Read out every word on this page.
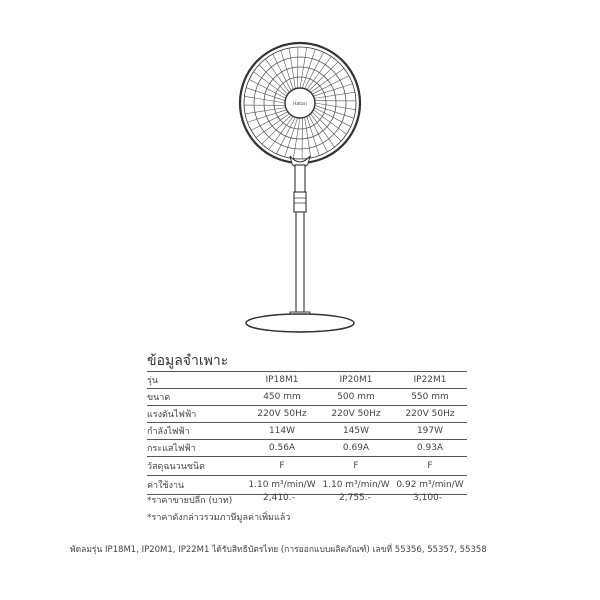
Hatari
ข้อมูลจำเพาะ
รุ่น	IP18M1	IP20M1	IP22M1
ขนาด	450 mm	500 mm	550 mm
แรงดันไฟฟ้า	220V 50Hz	220V 50Hz	220V 50Hz
กำลังไฟฟ้า	114W	145W	197W
กระแสไฟฟ้า	0.56A	0.69A	0.93A
วัสดุฉนวนชนิด	F	F	F
ค่าใช้งาน	1.10 m³/min/W	1.10 m³/min/W	0.92 m³/min/W
*ราคาขายปลีก (บาท)	2,410.-	2,755.-	3,100-
*ราคาดังกล่าวรวมภาษีมูลค่าเพิ่มแล้ว
พัดลมรุ่น IP18M1, IP20M1, IP22M1 ได้รับสิทธิบัตรไทย (การออกแบบผลิตภัณฑ์) เลขที่ 55356, 55357, 55358
